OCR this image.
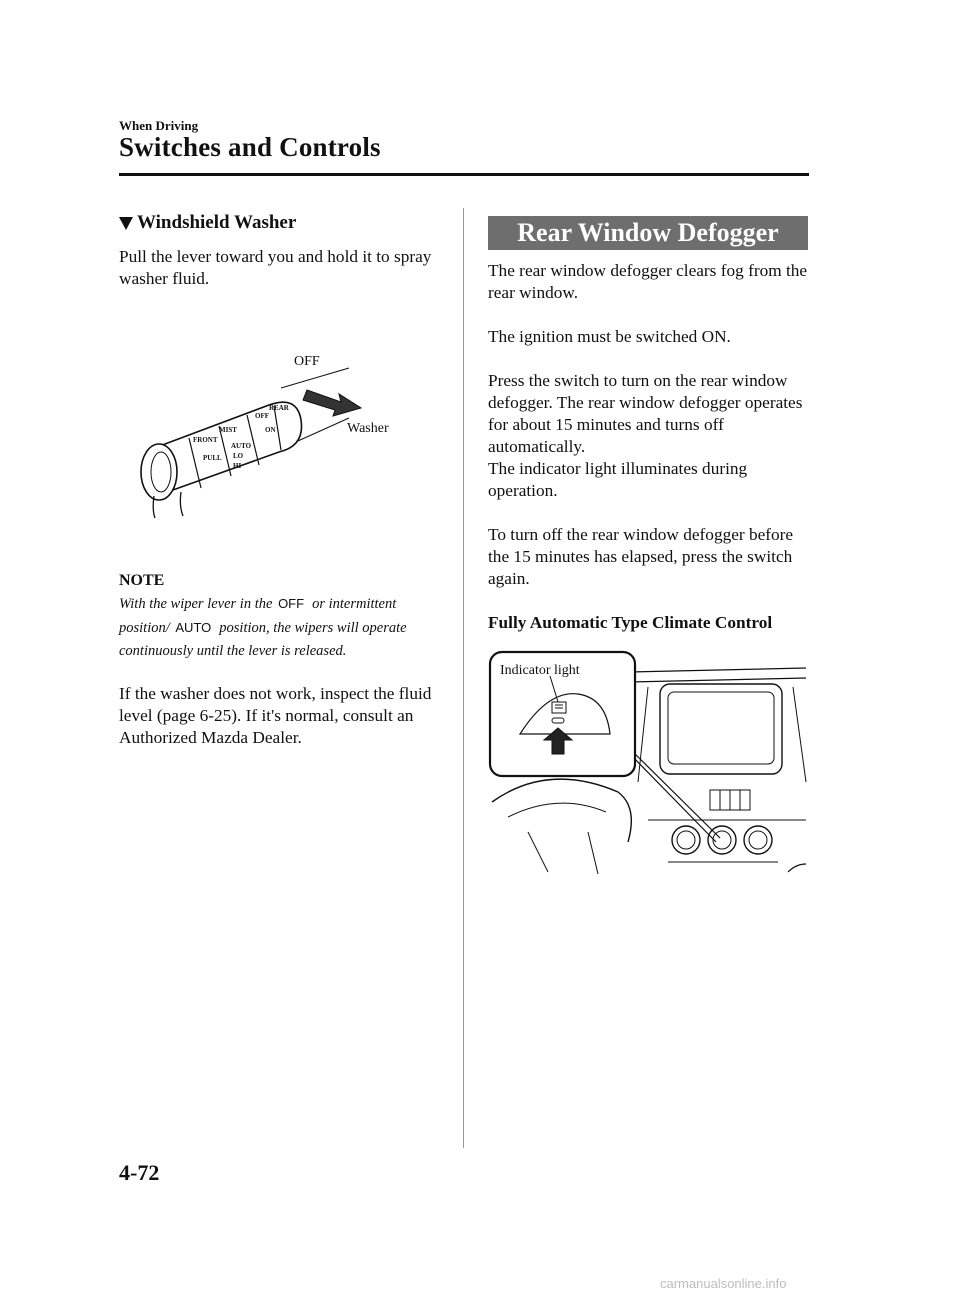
When Driving
Switches and Controls
Windshield Washer

Pull the lever toward you and hold it to spray washer fluid.

MIST
OFF
AUTO
LO
HI
FRONT
PULL
REAR
ON
OFF
Washer
NOTE
With the wiper lever in the OFF or intermittent position/ AUTO position, the wipers will operate continuously until the lever is released.

If the washer does not work, inspect the fluid level (page 6-25). If it's normal, consult an Authorized Mazda Dealer.

Rear Window Defogger

The rear window defogger clears fog from the rear window.

The ignition must be switched ON.

Press the switch to turn on the rear window defogger. The rear window defogger operates for about 15 minutes and turns off automatically.

The indicator light illuminates during operation.

To turn off the rear window defogger before the 15 minutes has elapsed, press the switch again.

Fully Automatic Type Climate Control

Indicator light
4-72
carmanualsonline.info
